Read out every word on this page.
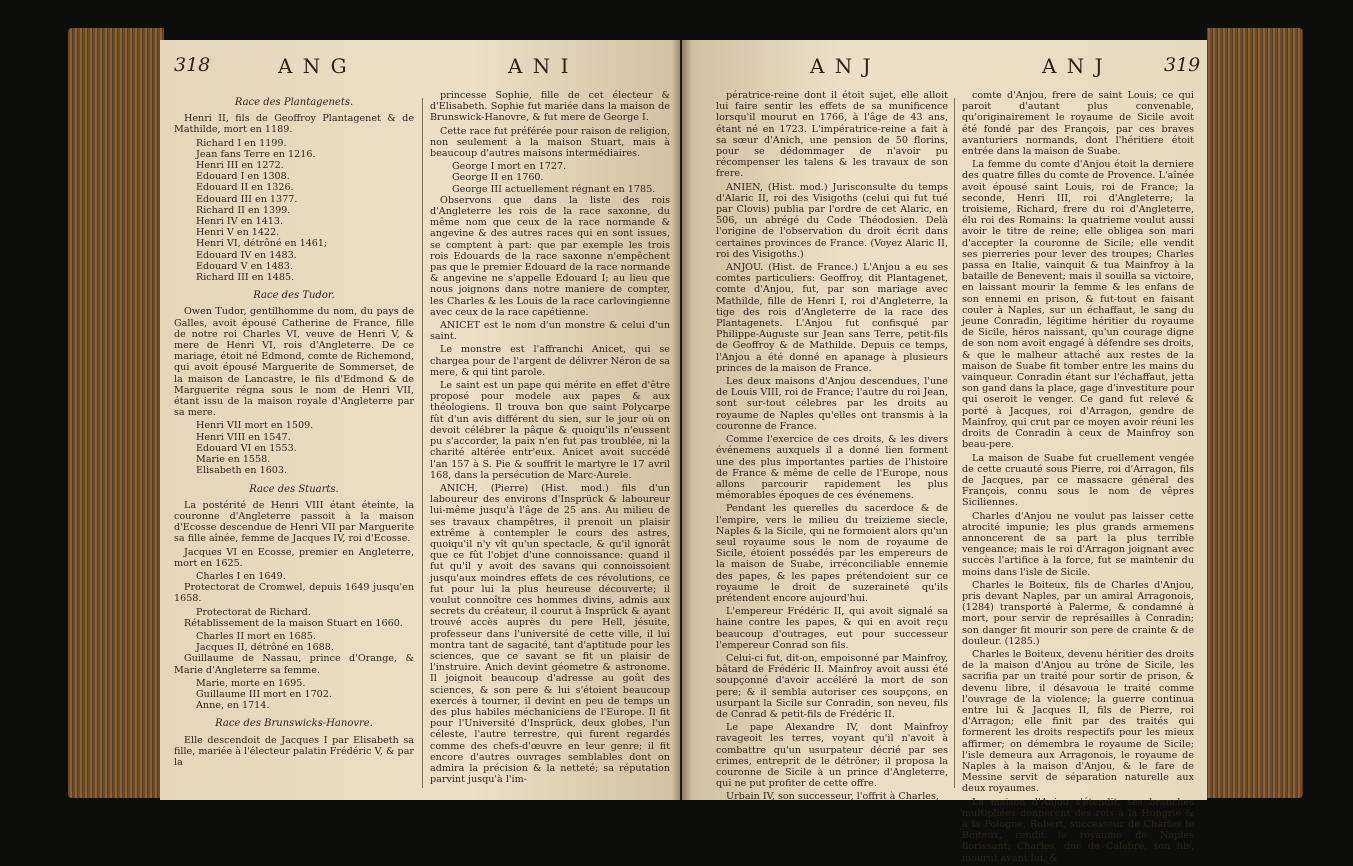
318	A N G	A N I
Race des Plantagenets.

Henri II, fils de Geoffroy Plantagenet & de Mathilde, mort en 1189.

Richard I en 1199.

Jean fans Terre en 1216.

Henri III en 1272.

Edouard I en 1308.

Edouard II en 1326.

Edouard III en 1377.

Richard II en 1399.

Henri IV en 1413.

Henri V en 1422.

Henri VI, détrôné en 1461;

Edouard IV en 1483.

Edouard V en 1483.

Richard III en 1485.

Race des Tudor.

Owen Tudor, gentilhomme du nom, du pays de Galles, avoit épousé Catherine de France, fille de notre roi Charles VI, veuve de Henri V, & mere de Henri VI, rois d'Angleterre. De ce mariage, étoit né Edmond, comte de Richemond, qui avoit épousé Marguerite de Sommerset, de la maison de Lancastre, le fils d'Edmond & de Marguerite régna sous le nom de Henri VII, étant issu de la maison royale d'Angleterre par sa mere.

Henri VII mort en 1509.

Henri VIII en 1547.

Edouard VI en 1553.

Marie en 1558.

Elisabeth en 1603.

Race des Stuarts.

La postérité de Henri VIII étant éteinte, la couronne d'Angleterre passoit à la maison d'Ecosse descendue de Henri VII par Marguerite sa fille aînée, femme de Jacques IV, roi d'Ecosse.

Jacques VI en Ecosse, premier en Angleterre, mort en 1625.

Charles I en 1649.

Protectorat de Cromwel, depuis 1649 jusqu'en 1658.

Protectorat de Richard.

Rétablissement de la maison Stuart en 1660.

Charles II mort en 1685.

Jacques II, détrôné en 1688.

Guillaume de Nassau, prince d'Orange, & Marie d'Angleterre sa femme.

Marie, morte en 1695.

Guillaume III mort en 1702.

Anne, en 1714.

Race des Brunswicks-Hanovre.

Elle descendoit de Jacques I par Elisabeth sa fille, mariée à l'électeur palatin Frédéric V, & par la

princesse Sophie, fille de cet électeur & d'Elisabeth. Sophie fut mariée dans la maison de Brunswick-Hanovre, & fut mere de George I.

Cette race fut préférée pour raison de religion, non seulement à la maison Stuart, mais à beaucoup d'autres maisons intermédiaires.

George I mort en 1727.

George II en 1760.

George III actuellement régnant en 1785.

Observons que dans la liste des rois d'Angleterre les rois de la race saxonne, du même nom que ceux de la race normande & angevine & des autres races qui en sont issues, se comptent à part: que par exemple les trois rois Edouards de la race saxonne n'empêchent pas que le premier Edouard de la race normande & angevine ne s'appelle Edouard I; au lieu que nous joignons dans notre maniere de compter, les Charles & les Louis de la race carlovingienne avec ceux de la race capétienne.

ANICET est le nom d'un monstre & celui d'un saint.

Le monstre est l'affranchi Anicet, qui se chargea pour de l'argent de délivrer Néron de sa mere, & qui tint parole.

Le saint est un pape qui mérite en effet d'être proposé pour modele aux papes & aux théologiens. Il trouva bon que saint Polycarpe fût d'un avis différent du sien, sur le jour où on devoit célébrer la pâque & quoiqu'ils n'eussent pu s'accorder, la paix n'en fut pas troublée, ni la charité altérée entr'eux. Anicet avoit succédé l'an 157 à S. Pie & souffrit le martyre le 17 avril 168, dans la persécution de Marc-Aurele.

ANICH, (Pierre) (Hist. mod.) fils d'un laboureur des environs d'Insprück & laboureur lui-même jusqu'à l'âge de 25 ans. Au milieu de ses travaux champêtres, il prenoit un plaisir extrême à contempler le cours des astres, quoiqu'il n'y vît qu'un spectacle, & qu'il ignorât que ce fût l'objet d'une connoissance: quand il fut qu'il y avoit des savans qui connoissoient jusqu'aux moindres effets de ces révolutions, ce fut pour lui la plus heureuse découverte; il voulut connoître ces hommes divins, admis aux secrets du créateur, il courut à Insprück & ayant trouvé accès auprès du pere Hell, jésuite, professeur dans l'université de cette ville, il lui montra tant de sagacité, tant d'aptitude pour les sciences, que ce savant se fit un plaisir de l'instruire. Anich devint géometre & astronome. Il joignoit beaucoup d'adresse au goût des sciences, & son pere & lui s'étoient beaucoup exercés à tourner, il devint en peu de temps un des plus habiles méchaniciens de l'Europe. Il fit pour l'Université d'Insprück, deux globes, l'un céleste, l'autre terrestre, qui furent regardés comme des chefs-d'œuvre en leur genre; il fit encore d'autres ouvrages semblables dont on admira la précision & la netteté; sa réputation parvint jusqu'à l'im-

A N J	A N J	319

pératrice-reine dont il étoit sujet, elle alloit lui faire sentir les effets de sa munificence lorsqu'il mourut en 1766, à l'âge de 43 ans, étant né en 1723. L'impératrice-reine a fait à sa sœur d'Anich, une pension de 50 florins, pour se dédommager de n'avoir pu récompenser les talens & les travaux de son frere.

ANIEN, (Hist. mod.) Jurisconsulte du temps d'Alaric II, roi des Visigoths (celui qui fut tué par Clovis) publia par l'ordre de cet Alaric, en 506, un abrégé du Code Théodosien. Delà l'origine de l'observation du droit écrit dans certaines provinces de France. (Voyez Alaric II, roi des Visigoths.)

ANJOU. (Hist. de France.) L'Anjou a eu ses comtes particuliers: Geoffroy, dit Plantagenet, comte d'Anjou, fut, par son mariage avec Mathilde, fille de Henri I, roi d'Angleterre, la tige des rois d'Angleterre de la race des Plantagenets. L'Anjou fut confisqué par Philippe-Auguste sur Jean sans Terre, petit-fils de Geoffroy & de Mathilde. Depuis ce temps, l'Anjou a été donné en apanage à plusieurs princes de la maison de France.

Les deux maisons d'Anjou descendues, l'une de Louis VIII, roi de France; l'autre du roi Jean, sont sur-tout célebres par les droits au royaume de Naples qu'elles ont transmis à la couronne de France.

Comme l'exercice de ces droits, & les divers événemens auxquels il a donné lien forment une des plus importantes parties de l'histoire de France & même de celle de l'Europe, nous allons parcourir rapidement les plus mémorables époques de ces événemens.

Pendant les querelles du sacerdoce & de l'empire, vers le milieu du treizieme siecle, Naples & la Sicile, qui ne formoient alors qu'un seul royaume sous le nom de royaume de Sicile, étoient possédés par les empereurs de la maison de Suabe, irréconciliable ennemie des papes, & les papes prétendoient sur ce royaume le droit de suzeraineté qu'ils prétendent encore aujourd'hui.

L'empereur Frédéric II, qui avoit signalé sa haine contre les papes, & qui en avoit reçu beaucoup d'outrages, eut pour successeur l'empereur Conrad son fils.

Celui-ci fut, dit-on, empoisonné par Mainfroy, bâtard de Frédéric II. Mainfroy avoit aussi été soupçonné d'avoir accéléré la mort de son pere; & il sembla autoriser ces soupçons, en usurpant la Sicile sur Conradin, son neveu, fils de Conrad & petit-fils de Frédéric II.

Le pape Alexandre IV, dont Mainfroy ravageoit les terres, voyant qu'il n'avoit à combattre qu'un usurpateur décrié par ses crimes, entreprit de le détrôner; il proposa la couronne de Sicile à un prince d'Angleterre, qui ne put profiter de cette offre.

Urbain IV, son successeur, l'offrit à Charles,

comte d'Anjou, frere de saint Louis; ce qui paroit d'autant plus convenable, qu'originairement le royaume de Sicile avoit été fondé par des François, par ces braves avanturiers normands, dont l'héritiere étoit entrée dans la maison de Suabe.

La femme du comte d'Anjou étoit la derniere des quatre filles du comte de Provence. L'aînée avoit épousé saint Louis, roi de France; la seconde, Henri III, roi d'Angleterre; la troisieme, Richard, frere du roi d'Angleterre, élu roi des Romains: la quatrieme voulut aussi avoir le titre de reine; elle obligea son mari d'accepter la couronne de Sicile; elle vendit ses pierreries pour lever des troupes; Charles passa en Italie, vainquit & tua Mainfroy à la bataille de Benevent; mais il souilla sa victoire, en laissant mourir la femme & les enfans de son ennemi en prison, & fut-tout en faisant couler à Naples, sur un échaffaut, le sang du jeune Conradin, légitime héritier du royaume de Sicile, héros naissant, qu'un courage digne de son nom avoit engagé à défendre ses droits, & que le malheur attaché aux restes de la maison de Suabe fit tomber entre les mains du vainqueur. Conradin étant sur l'échaffaut, jetta son gand dans la place, gage d'investiture pour qui oseroit le venger. Ce gand fut relevé & porté à Jacques, roi d'Arragon, gendre de Mainfroy, qui crut par ce moyen avoir réuni les droits de Conradin à ceux de Mainfroy son beau-pere.

La maison de Suabe fut cruellement vengée de cette cruauté sous Pierre, roi d'Arragon, fils de Jacques, par ce massacre général des François, connu sous le nom de vêpres Siciliennes.

Charles d'Anjou ne voulut pas laisser cette atrocité impunie; les plus grands armemens annoncerent de sa part la plus terrible vengeance; mais le roi d'Arragon joignant avec succès l'artifice à la force, fut se maintenir du moins dans l'isle de Sicile.

Charles le Boiteux, fils de Charles d'Anjou, pris devant Naples, par un amiral Arragonois, (1284) transporté à Palerme, & condamné à mort, pour servir de représailles à Conradin; son danger fit mourir son pere de crainte & de douleur. (1285.)

Charles le Boiteux, devenu héritier des droits de la maison d'Anjou au trône de Sicile, les sacrifia par un traité pour sortir de prison, & devenu libre, il désavoua le traité comme l'ouvrage de la violence; la guerre continua entre lui & Jacques II, fils de Pierre, roi d'Arragon; elle finit par des traités qui formerent les droits respectifs pour les mieux affirmer; on démembra le royaume de Sicile; l'isle demeura aux Arragonois, le royaume de Naples à la maison d'Anjou, & le fare de Messine servit de séparation naturelle aux deux royaumes.

La maison d'Anjou s'étendit, ses branches multipliées donnerent des rois à la Hongrie & à la Pologne, Robert, successeur de Charles le Boiteux, rendit le royaume de Naples florissant; Charles, duc de Calabre, son fils, mourut avant lui, &
